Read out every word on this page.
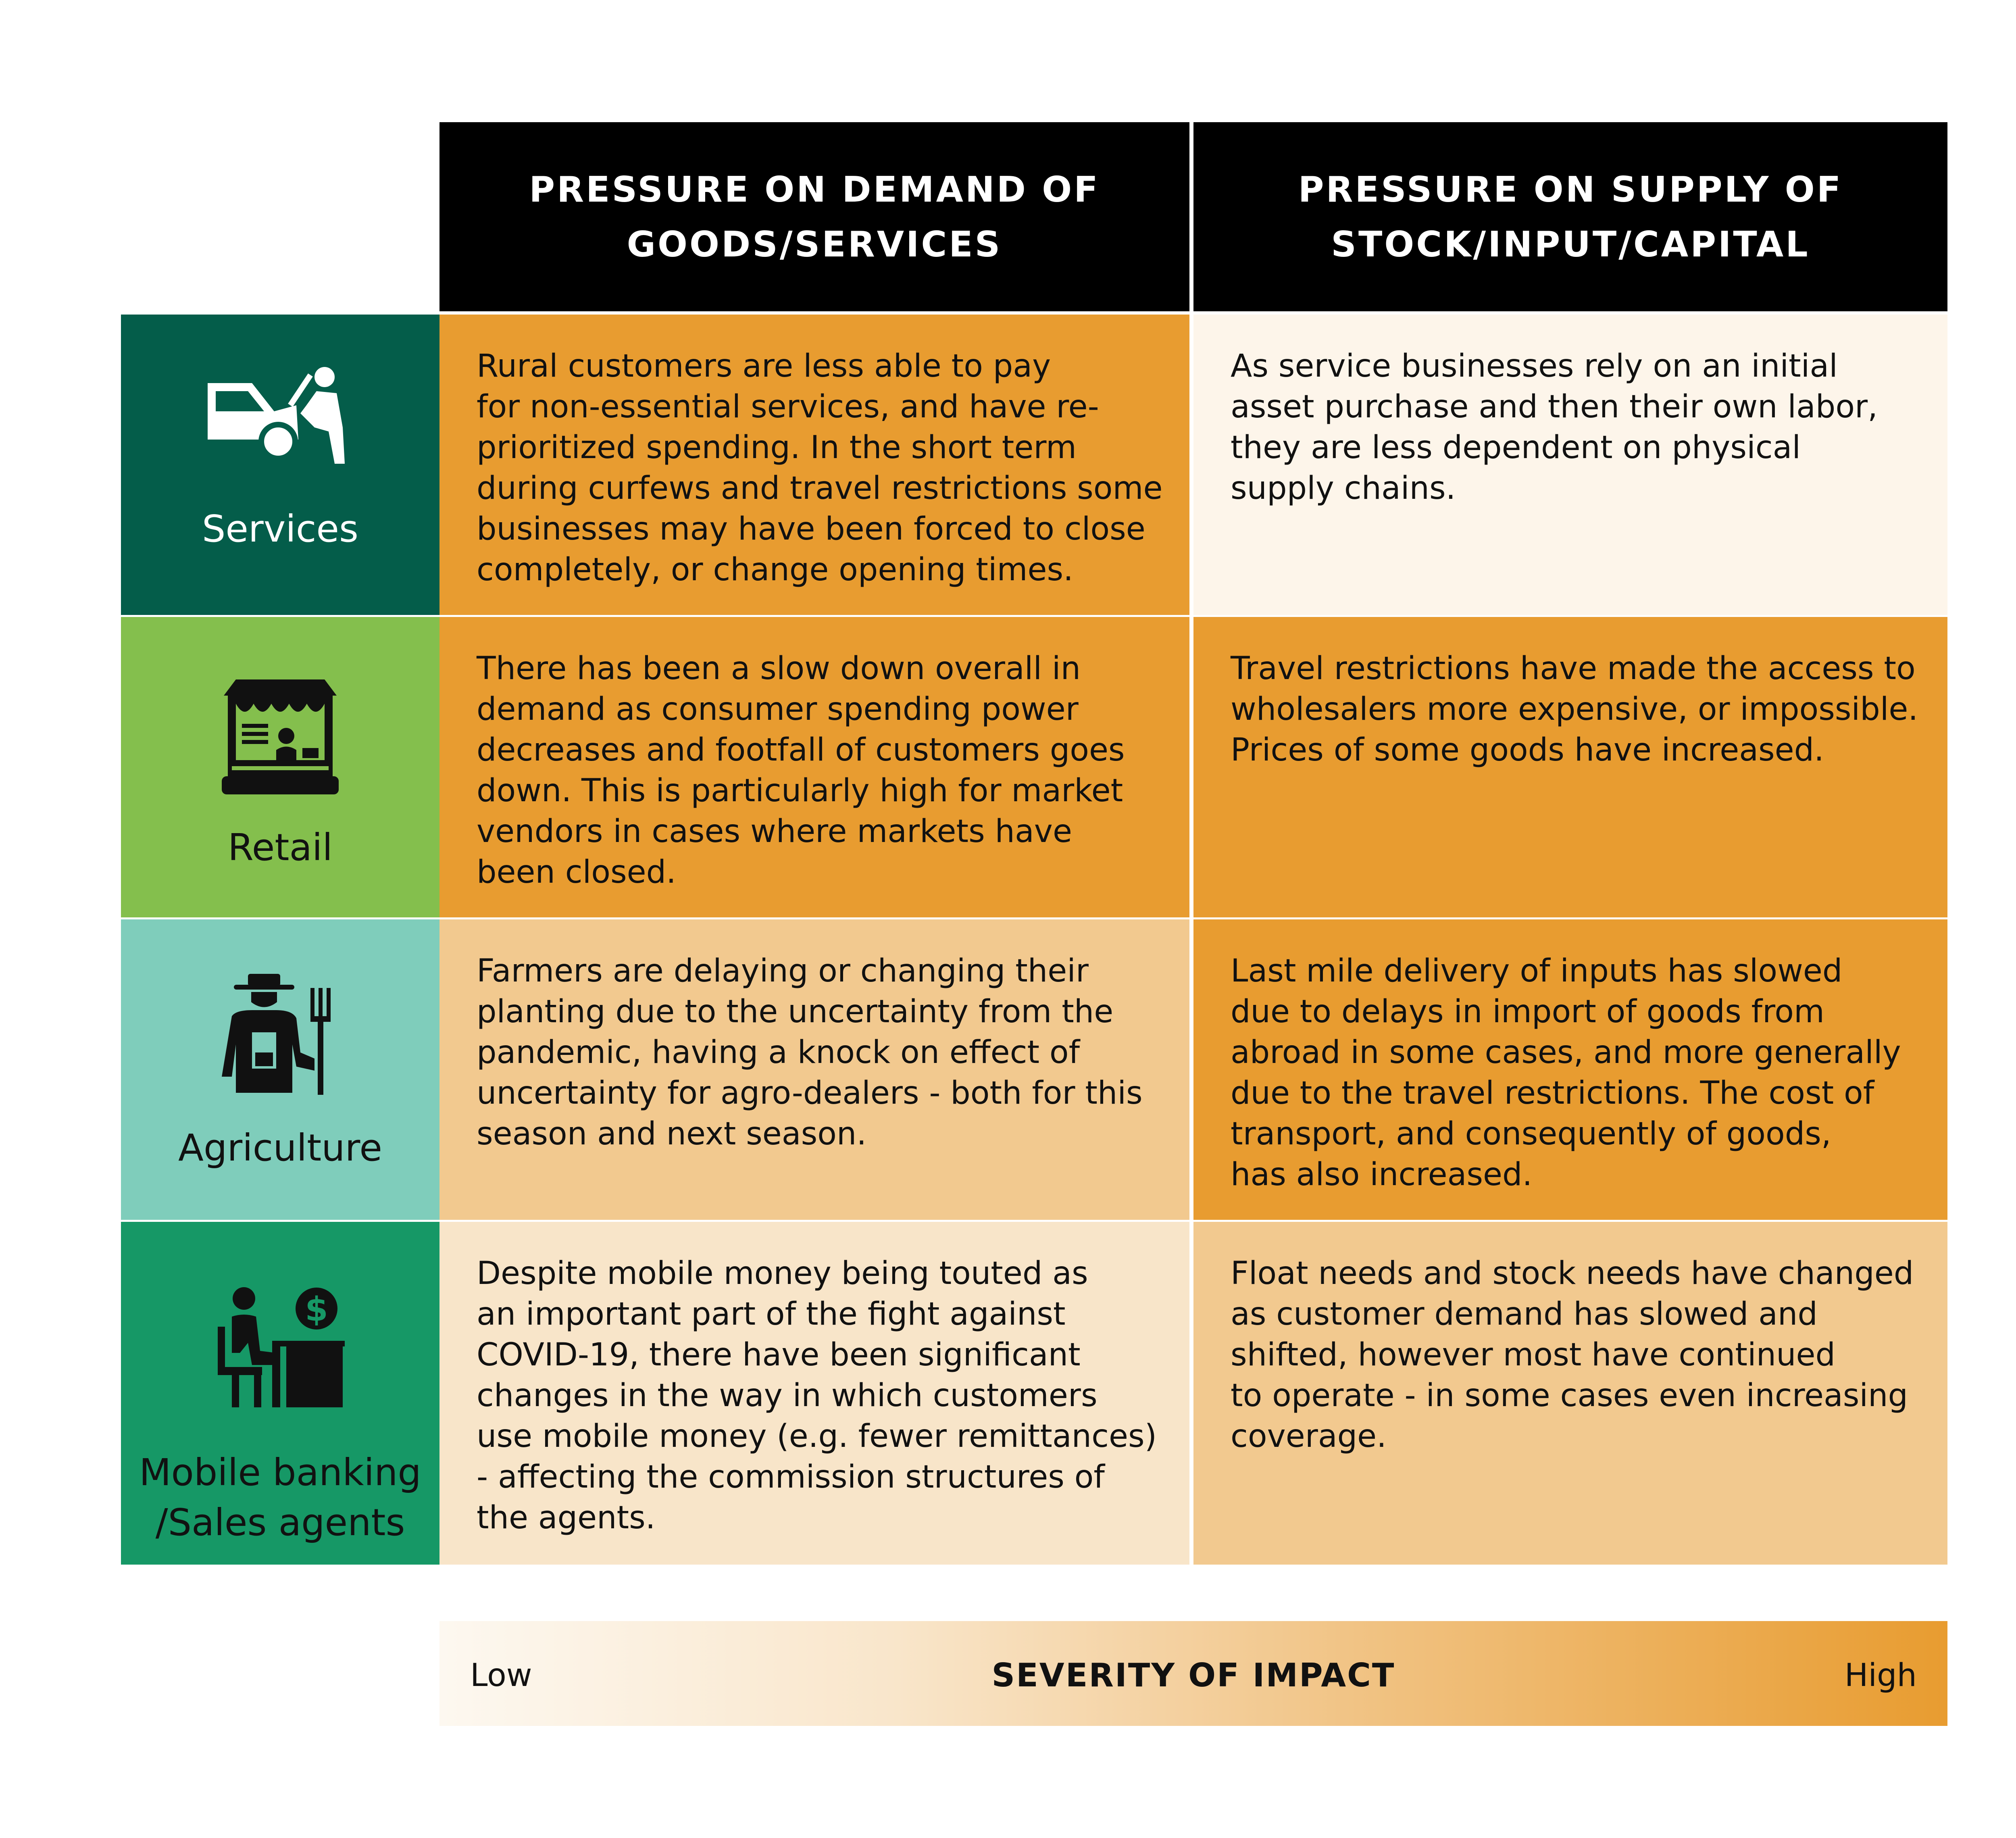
PRESSURE ON DEMAND OF
GOODS/SERVICES
PRESSURE ON SUPPLY OF
STOCK/INPUT/CAPITAL
Services
Rural customers are less able to pay
for non-essential services, and have re-
prioritized spending. In the short term
during curfews and travel restrictions some
businesses may have been forced to close
completely, or change opening times.
As service businesses rely on an initial
asset purchase and then their own labor,
they are less dependent on physical
supply chains.
Retail
There has been a slow down overall in
demand as consumer spending power
decreases and footfall of customers goes
down. This is particularly high for market
vendors in cases where markets have
been closed.
Travel restrictions have made the access to
wholesalers more expensive, or impossible.
Prices of some goods have increased.
Agriculture
Farmers are delaying or changing their
planting due to the uncertainty from the
pandemic, having a knock on effect of
uncertainty for agro-dealers - both for this
season and next season.
Last mile delivery of inputs has slowed
due to delays in import of goods from
abroad in some cases, and more generally
due to the travel restrictions. The cost of
transport, and consequently of goods,
has also increased.
$
Mobile banking
/Sales agents
Despite mobile money being touted as
an important part of the fight against
COVID-19, there have been significant
changes in the way in which customers
use mobile money (e.g. fewer remittances)
- affecting the commission structures of
the agents.
Float needs and stock needs have changed
as customer demand has slowed and
shifted, however most have continued
to operate - in some cases even increasing
coverage.
Low	SEVERITY OF IMPACT	High
